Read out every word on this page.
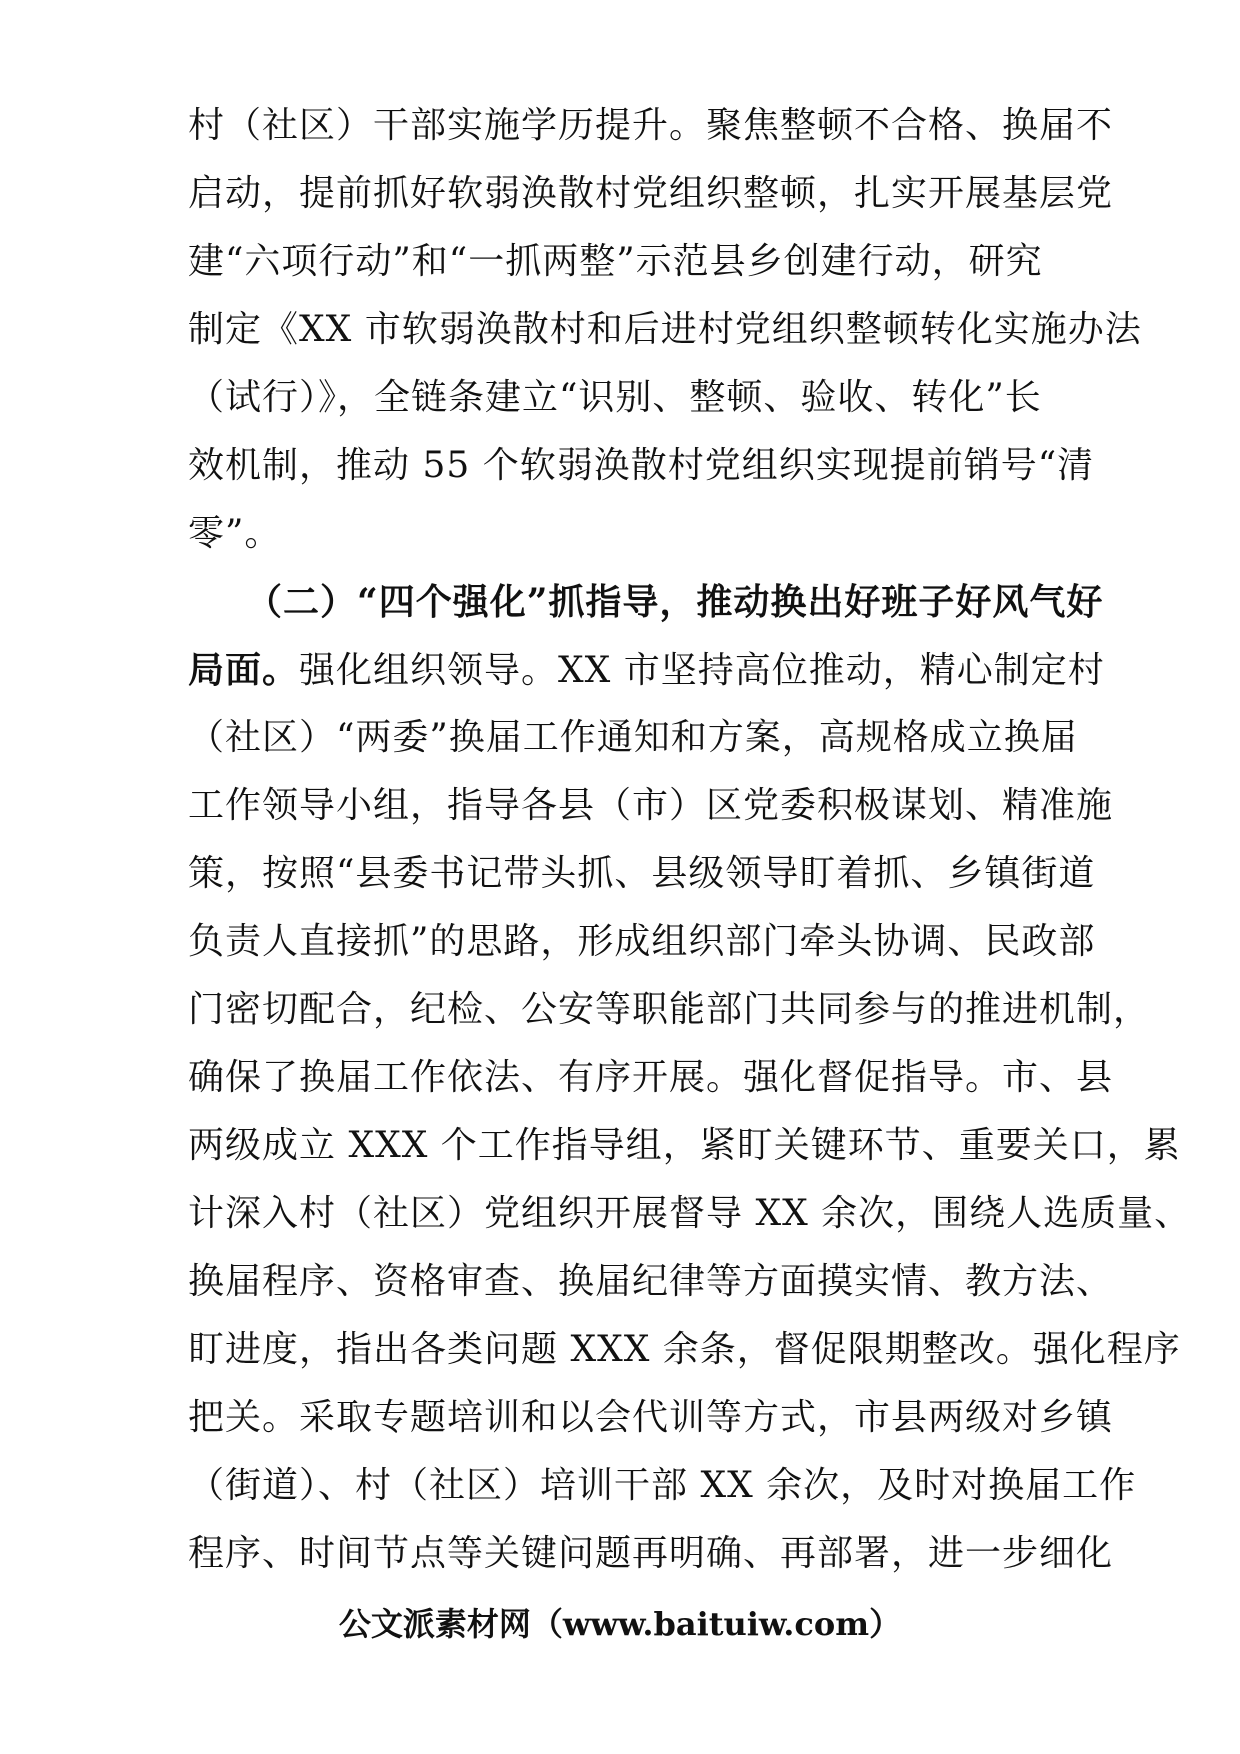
村（社区）干部实施学历提升。聚焦整顿不合格、换届不
启动，提前抓好软弱涣散村党组织整顿，扎实开展基层党
建“六项行动”和“一抓两整”示范县乡创建行动，研究
制定《XX 市软弱涣散村和后进村党组织整顿转化实施办法
（试行）》，全链条建立“识别、整顿、验收、转化”长
效机制，推动 55 个软弱涣散村党组织实现提前销号“清
零”。
（二）“四个强化”抓指导，推动换出好班子好风气好
局面。强化组织领导。XX 市坚持高位推动，精心制定村
（社区）“两委”换届工作通知和方案，高规格成立换届
工作领导小组，指导各县（市）区党委积极谋划、精准施
策，按照“县委书记带头抓、县级领导盯着抓、乡镇街道
负责人直接抓”的思路，形成组织部门牵头协调、民政部
门密切配合，纪检、公安等职能部门共同参与的推进机制，
确保了换届工作依法、有序开展。强化督促指导。市、县
两级成立 XXX 个工作指导组，紧盯关键环节、重要关口，累
计深入村（社区）党组织开展督导 XX 余次，围绕人选质量、
换届程序、资格审查、换届纪律等方面摸实情、教方法、
盯进度，指出各类问题 XXX 余条，督促限期整改。强化程序
把关。采取专题培训和以会代训等方式，市县两级对乡镇
（街道）、村（社区）培训干部 XX 余次，及时对换届工作
程序、时间节点等关键问题再明确、再部署，进一步细化
公文派素材网（www.baituiw.com）
